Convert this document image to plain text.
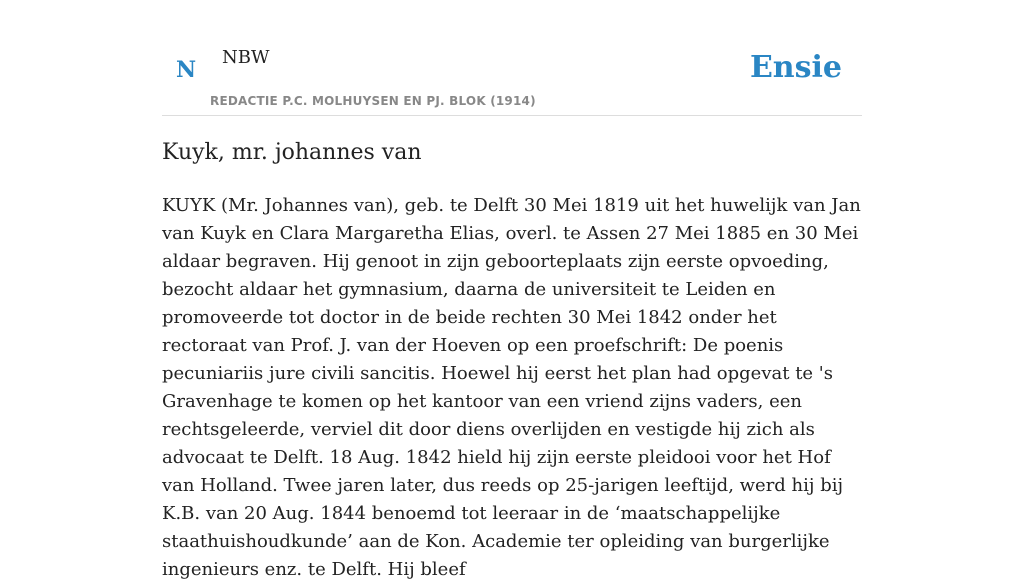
N NBW
REDACTIE P.C. MOLHUYSEN EN PJ. BLOK (1914)
Ensie
Kuyk, mr. johannes van

KUYK (Mr. Johannes van), geb. te Delft 30 Mei 1819 uit het huwelijk van Jan van Kuyk en Clara Margaretha Elias, overl. te Assen 27 Mei 1885 en 30 Mei aldaar begraven. Hij genoot in zijn geboorteplaats zijn eerste opvoeding, bezocht aldaar het gymnasium, daarna de universiteit te Leiden en promoveerde tot doctor in de beide rechten 30 Mei 1842 onder het rectoraat van Prof. J. van der Hoeven op een proefschrift: De poenis pecuniariis jure civili sancitis. Hoewel hij eerst het plan had opgevat te 's Gravenhage te komen op het kantoor van een vriend zijns vaders, een rechtsgeleerde, verviel dit door diens overlijden en vestigde hij zich als advocaat te Delft. 18 Aug. 1842 hield hij zijn eerste pleidooi voor het Hof van Holland. Twee jaren later, dus reeds op 25-jarigen leeftijd, werd hij bij K.B. van 20 Aug. 1844 benoemd tot leeraar in de ‘maatschappelijke staathuishoudkunde’ aan de Kon. Academie ter opleiding van burgerlijke ingenieurs enz. te Delft. Hij bleef
